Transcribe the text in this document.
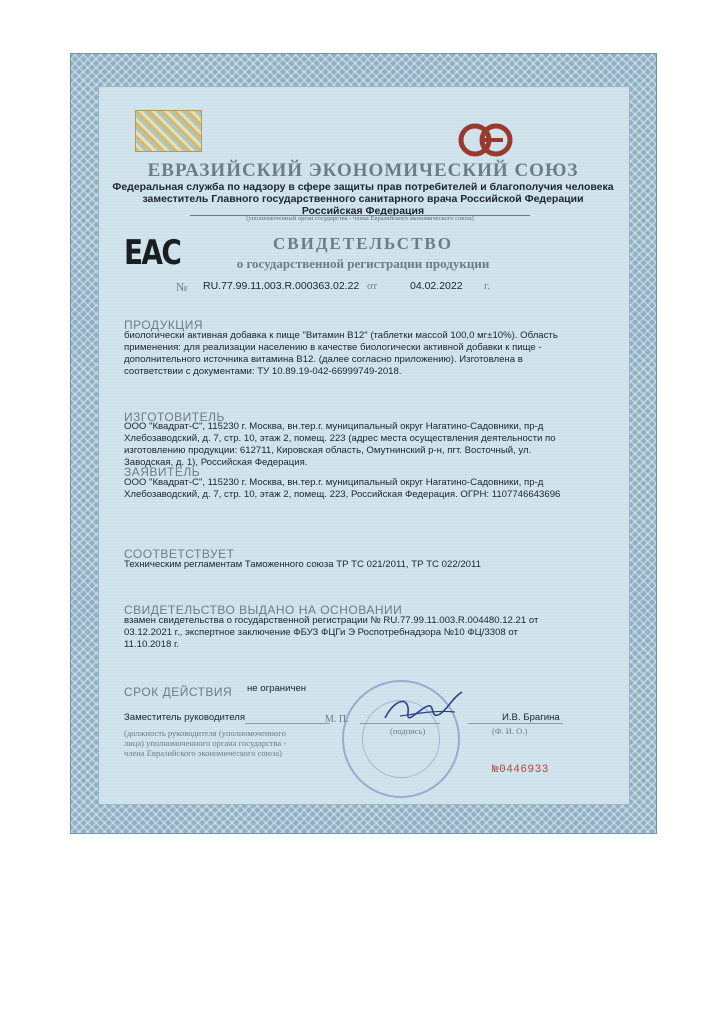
ЕВРАЗИЙСКИЙ ЭКОНОМИЧЕСКИЙ СОЮЗ
Федеральная служба по надзору в сфере защиты прав потребителей и благополучия человека
заместитель Главного государственного санитарного врача Российской Федерации
Российская Федерация
(уполномоченный орган государства - члена Евразийского экономического союза)
ЕАС	СВИДЕТЕЛЬСТВО
о государственной регистрации продукции
№ RU.77.99.11.003.R.000363.02.22 от	04.02.2022 г.
ПРОДУКЦИЯ
биологически активная добавка к пище "Витамин В12" (таблетки массой 100,0 мг±10%). Область
применения: для реализации населению в качестве биологически активной добавки к пище -
дополнительного источника витамина В12. (далее согласно приложению). Изготовлена в
соответствии с документами: ТУ 10.89.19-042-66999749-2018.
ИЗГОТОВИТЕЛЬ
ООО "Квадрат-С", 115230 г. Москва, вн.тер.г. муниципальный округ Нагатино-Садовники, пр-д
Хлебозаводский, д. 7, стр. 10, этаж 2, помещ. 223 (адрес места осуществления деятельности по
изготовлению продукции: 612711, Кировская область, Омутнинский р-н, пгт. Восточный, ул.
Заводская, д. 1), Российская Федерация.
ЗАЯВИТЕЛЬ
ООО "Квадрат-С", 115230 г. Москва, вн.тер.г. муниципальный округ Нагатино-Садовники, пр-д
Хлебозаводский, д. 7, стр. 10, этаж 2, помещ. 223, Российская Федерация. ОГРН: 1107746643696
СООТВЕТСТВУЕТ
Техническим регламентам Таможенного союза ТР ТС 021/2011, ТР ТС 022/2011
СВИДЕТЕЛЬСТВО ВЫДАНО НА ОСНОВАНИИ
взамен свидетельства о государственной регистрации № RU.77.99.11.003.R.004480.12.21 от
03.12.2021 г., экспертное заключение ФБУЗ ФЦГи Э Роспотребнадзора №10 ФЦ/3308 от
11.10.2018 г.
СРОК ДЕЙСТВИЯ не ограничен
Заместитель руководителя	М. П.
(подпись)
И.В. Брагина
(Ф. И. О.)
(должность руководителя (уполномоченного
лица) уполномоченного органа государства -
члена Евразийского экономического союза)
№0446933
